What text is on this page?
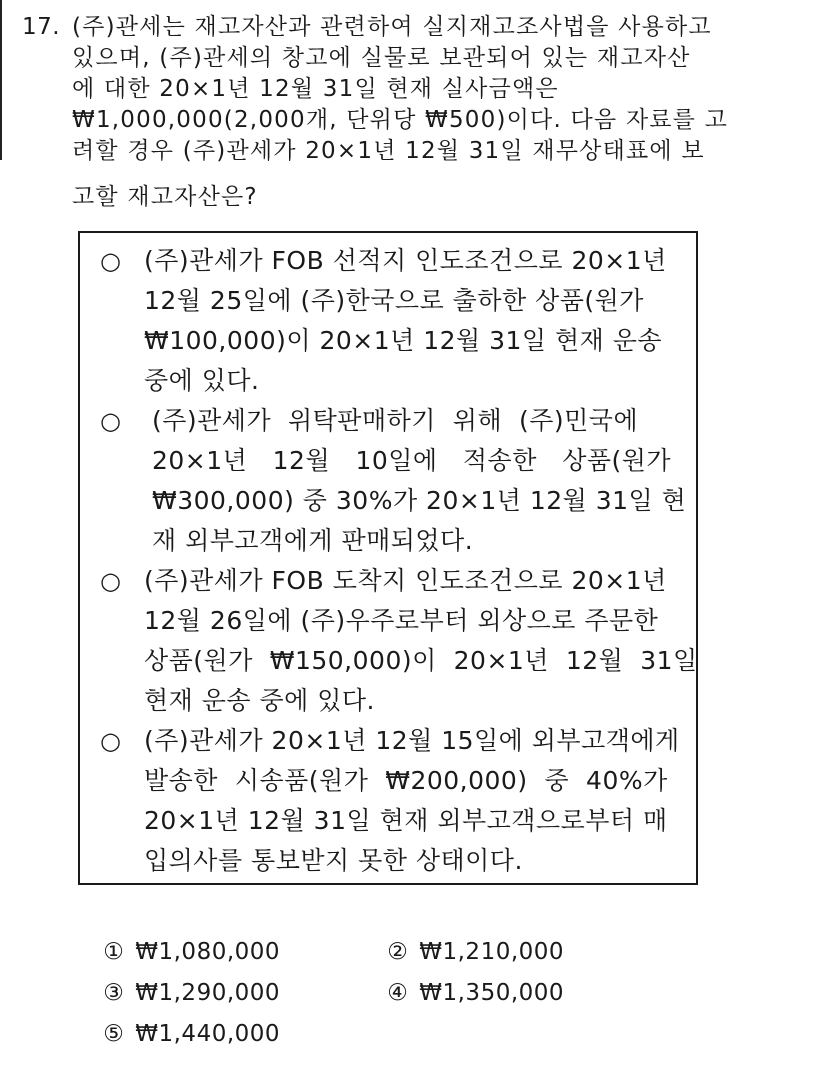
17. (주)관세는 재고자산과 관련하여 실지재고조사법을 사용하고
있으며, (주)관세의 창고에 실물로 보관되어 있는 재고자산
에 대한 20×1년 12월 31일 현재 실사금액은
₩1,000,000(2,000개, 단위당 ₩500)이다. 다음 자료를 고
려할 경우 (주)관세가 20×1년 12월 31일 재무상태표에 보
고할 재고자산은?
○ (주)관세가 FOB 선적지 인도조건으로 20×1년
12월 25일에 (주)한국으로 출하한 상품(원가
₩100,000)이 20×1년 12월 31일 현재 운송
중에 있다.
○ (주)관세가  위탁판매하기  위해  (주)민국에
20×1년   12월   10일에   적송한   상품(원가
₩300,000) 중 30%가 20×1년 12월 31일 현
재 외부고객에게 판매되었다.
○ (주)관세가 FOB 도착지 인도조건으로 20×1년
12월 26일에 (주)우주로부터 외상으로 주문한
상품(원가  ₩150,000)이  20×1년  12월  31일
현재 운송 중에 있다.
○ (주)관세가 20×1년 12월 15일에 외부고객에게
발송한  시송품(원가  ₩200,000)  중  40%가
20×1년 12월 31일 현재 외부고객으로부터 매
입의사를 통보받지 못한 상태이다.

① ₩1,080,000
	② ₩1,210,000

③ ₩1,290,000
	④ ₩1,350,000

⑤ ₩1,440,000
